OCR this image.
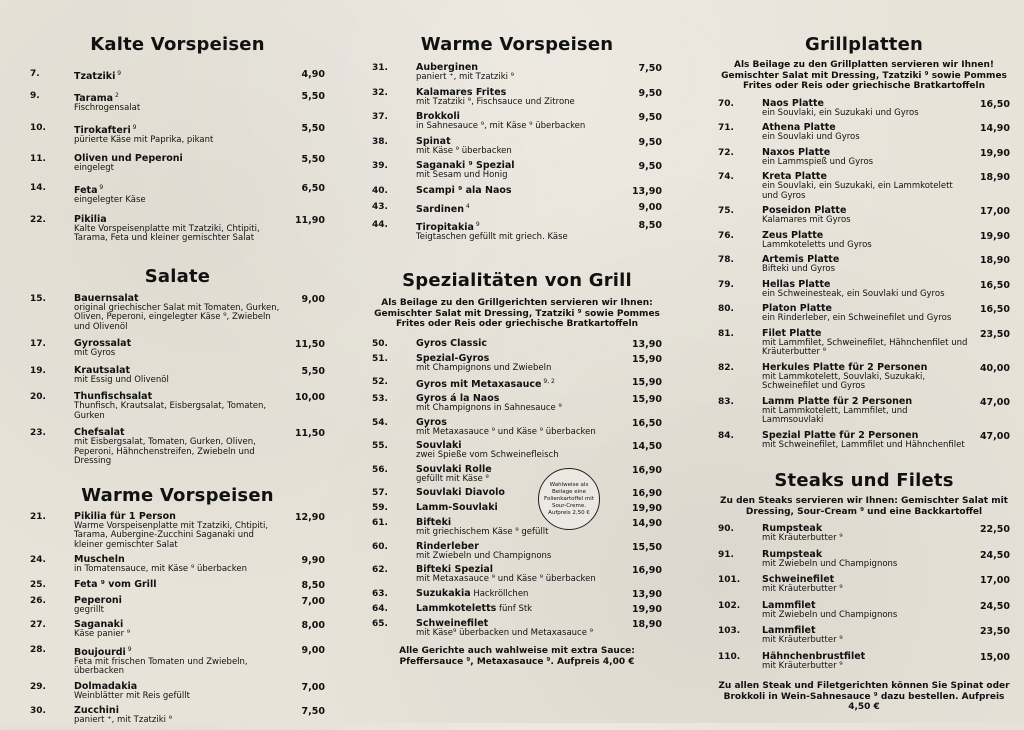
Kalte Vorspeisen
7.	Tzatziki $^9$	4,90
9.	Tarama $^2$
Fischrogensalat
5,50
10.	Tirokafteri $^9$
pürierte Käse mit Paprika, pikant
5,50
11.	Oliven und Peperoni
eingelegt
5,50
14.	Feta $^9$
eingelegter Käse
6,50
22.	Pikilia
Kalte Vorspeisenplatte mit Tzatziki, Chtipiti, Tarama, Feta und kleiner gemischter Salat
11,90
Salate
15.	Bauernsalat
original griechischer Salat mit Tomaten, Gurken, Oliven, Peperoni, eingelegter Käse ⁹, Zwiebeln und Olivenöl
9,00
17.	Gyrossalat
mit Gyros
11,50
19.	Krautsalat
mit Essig und Olivenöl
5,50
20.	Thunfischsalat
Thunfisch, Krautsalat, Eisbergsalat, Tomaten, Gurken
10,00
23.	Chefsalat
mit Eisbergsalat, Tomaten, Gurken, Oliven, Peperoni, Hähnchenstreifen, Zwiebeln und Dressing
11,50
Warme Vorspeisen
21.	Pikilia für 1 Person
Warme Vorspeisenplatte mit Tzatziki, Chtipiti, Tarama, Aubergine-Zucchini Saganaki und kleiner gemischter Salat
12,90
24.	Muscheln
in Tomatensauce, mit Käse ⁹ überbacken
9,90
25.	Feta ⁹ vom Grill	8,50
26.	Peperoni
gegrillt
7,00
27.	Saganaki
Käse panier ⁹
8,00
28.	Boujourdi $^9$
Feta mit frischen Tomaten und Zwiebeln, überbacken
9,00
29.	Dolmadakia
Weinblätter mit Reis gefüllt
7,00
30.	Zucchini
paniert ⁺, mit Tzatziki ⁹
7,50
Warme Vorspeisen
31.	Auberginen
paniert ⁺, mit Tzatziki ⁹
7,50
32.	Kalamares Frites
mit Tzatziki ⁹, Fischsauce und Zitrone
9,50
37.	Brokkoli
in Sahnesauce ⁹, mit Käse ⁹ überbacken
9,50
38.	Spinat
mit Käse ⁹ überbacken
9,50
39.	Saganaki ⁹ Spezial
mit Sesam und Honig
9,50
40.	Scampi ⁹ ala Naos	13,90
43.	Sardinen $^4$	9,00
44.	Tiropitakia $^9$
Teigtaschen gefüllt mit griech. Käse
8,50
Spezialitäten von Grill

Als Beilage zu den Grillgerichten servieren wir Ihnen: Gemischter Salat mit Dressing, Tzatziki ⁹ sowie Pommes Frites oder Reis oder griechische Bratkartoffeln

50.	Gyros Classic	13,90
51.	Spezial-Gyros
mit Champignons und Zwiebeln
15,90
52.	Gyros mit Metaxasauce $^{9, 2}$	15,90
53.	Gyros á la Naos
mit Champignons in Sahnesauce ⁹
15,90
54.	Gyros
mit Metaxasauce ⁹ und Käse ⁹ überbacken
16,50
55.	Souvlaki
zwei Spieße vom Schweinefleisch
14,50
56.	Souvlaki Rolle
gefüllt mit Käse ⁹
16,90
57.	Souvlaki Diavolo	16,90
59.	Lamm-Souvlaki	19,90
61.	Bifteki
mit griechischem Käse ⁹ gefüllt
14,90
60.	Rinderleber
mit Zwiebeln und Champignons
15,50
62.	Bifteki Spezial
mit Metaxasauce ⁹ und Käse ⁹ überbacken
16,90
63.	Suzukakia Hackröllchen	13,90
64.	Lammkoteletts fünf Stk	19,90
65.	Schweinefilet
mit Käse⁹ überbacken und Metaxasauce ⁹
18,90

Alle Gerichte auch wahlweise mit extra Sauce: Pfeffersauce ⁹, Metaxasauce ⁹. Aufpreis 4,00 €

Wahlweise als Beilage eine Folienkartoffel mit Sour-Creme. Aufpreis 2,50 €
Grillplatten

Als Beilage zu den Grillplatten servieren wir Ihnen! Gemischter Salat mit Dressing, Tzatziki ⁹ sowie Pommes Frites oder Reis oder griechische Bratkartoffeln

70.	Naos Platte
ein Souvlaki, ein Suzukaki und Gyros
16,50
71.	Athena Platte
ein Souvlaki und Gyros
14,90
72.	Naxos Platte
ein Lammspieß und Gyros
19,90
74.	Kreta Platte
ein Souvlaki, ein Suzukaki, ein Lammkotelett und Gyros
18,90
75.	Poseidon Platte
Kalamares mit Gyros
17,00
76.	Zeus Platte
Lammkoteletts und Gyros
19,90
78.	Artemis Platte
Bifteki und Gyros
18,90
79.	Hellas Platte
ein Schweinesteak, ein Souvlaki und Gyros
16,50
80.	Platon Platte
ein Rinderleber, ein Schweinefilet und Gyros
16,50
81.	Filet Platte
mit Lammfilet, Schweinefilet, Hähnchenfilet und Kräuterbutter ⁹
23,50
82.	Herkules Platte für 2 Personen
mit Lammkotelett, Souvlaki, Suzukaki, Schweinefilet und Gyros
40,00
83.	Lamm Platte für 2 Personen
mit Lammkotelett, Lammfilet, und Lammsouvlaki
47,00
84.	Spezial Platte für 2 Personen
mit Schweinefilet, Lammfilet und Hähnchenfilet
47,00
Steaks und Filets

Zu den Steaks servieren wir Ihnen: Gemischter Salat mit Dressing, Sour-Cream ⁹ und eine Backkartoffel

90.	Rumpsteak
mit Kräuterbutter ⁹
22,50
91.	Rumpsteak
mit Zwiebeln und Champignons
24,50
101.	Schweinefilet
mit Kräuterbutter ⁹
17,00
102.	Lammfilet
mit Zwiebeln und Champignons
24,50
103.	Lammfilet
mit Kräuterbutter ⁹
23,50
110.	Hähnchenbrustfilet
mit Kräuterbutter ⁹
15,00

Zu allen Steak und Filetgerichten können Sie Spinat oder Brokkoli in Wein-Sahnesauce ⁹ dazu bestellen. Aufpreis 4,50 €
